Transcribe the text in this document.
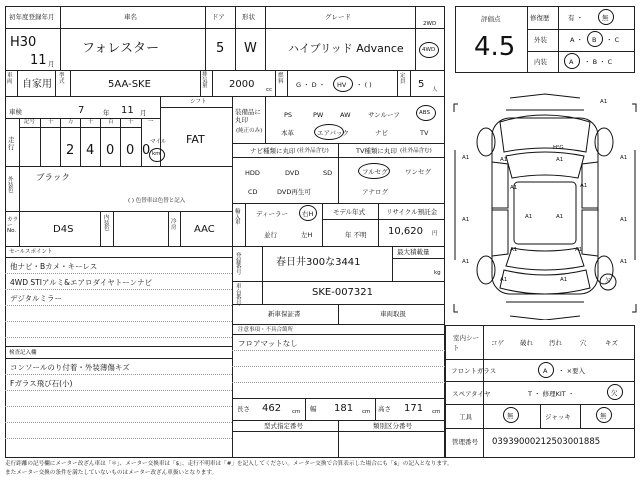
初年度登録年月
H30
11 月
車名
フォレスター
ドア
5
形状
W
グレード
ハイブリッド Advance
2WD
4WD
車両 自家用
型式	5AA-SKE
排気量	2000 cc
燃料	G ・ D ・ HV ・ ( )
定員 5 人
車検	7	年 11 月
シフト
FAT
走行
記号 十	万	千	百	十	一
2 4 0 0 0
マイル
km
装備品に丸印
(純正のみ)
PS	PW	AW	サンルーフ	ABS
本革	エアバック	ナビ	TV
ナビ種類に丸印 (社外品含む)
HDD	DVD	SD
CD	DVD再生可
TV種類に丸印 (社外品含む)
フルセグ	ワンセグ
アナログ
外装色
ブラック
( ) 色替車は色替と記入
カラーNo.	D4S
内装色
冷房 AAC
輸入車
ディーラー 右H
並行	左H
モデル年式
年 不明
リサイクル預託金
10,620 円
セールスポイント
他ナビ・Bカメ・キーレス
4WD STIアルミ&エアロダイヤトーンナビ
デジタルミラー
検査記入欄
コンソールのり付着・外装薄傷キズ
Fガラス飛び石(小)
登録番号
春日井300な3441
最大積載量
kg
車台番号
SKE-007321
新車保証書	車両取扱
注意事項・不具合箇所
フロアマットなし
長さ 462 cm 幅 181 cm 高さ 171 cm
型式指定番号	類別区分番号
評価点
4.5
修復歴	有 ・	無
外装	A ・ B ・ C
内装	A ・ B ・ C
A1	A1
H²G
A1	A1
A1	A1
A1	A1
A1	A1
A1	A1
A1	A1
A1	A1
A1
欠
室内シート
コゲ 破れ 汚れ	穴	キズ
フロントガラス	A ・ ×要入
スペアタイヤ	T ・ 修理KIT ・	欠
工具	無	ジャッキ	無
管理番号 0393900021250300​1885
走行距離の記号欄にメーター改ざん車は「＊」、メーター交換車は「$」、走行不明車は「#」を記入してください。メーター交換で合算表示した場合にも「$」の記入となります。
またメーター交換の条件を満たしていないものはメーター改ざん車扱いとなります。
